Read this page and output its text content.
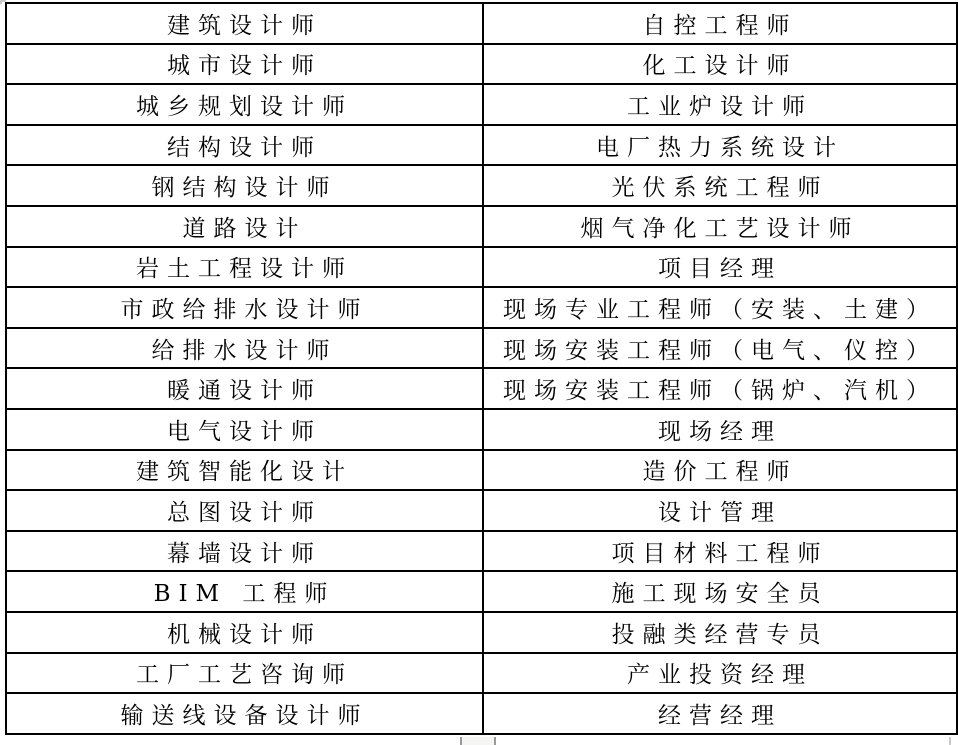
建筑设计师	自控工程师
城市设计师	化工设计师
城乡规划设计师	工业炉设计师
结构设计师	电厂热力系统设计
钢结构设计师	光伏系统工程师
道路设计	烟气净化工艺设计师
岩土工程设计师	项目经理
市政给排水设计师	现场专业工程师（安装、土建）
给排水设计师	现场安装工程师（电气、仪控）
暖通设计师	现场安装工程师（锅炉、汽机）
电气设计师	现场经理
建筑智能化设计	造价工程师
总图设计师	设计管理
幕墙设计师	项目材料工程师
BIM 工程师	施工现场安全员
机械设计师	投融类经营专员
工厂工艺咨询师	产业投资经理
输送线设备设计师	经营经理
